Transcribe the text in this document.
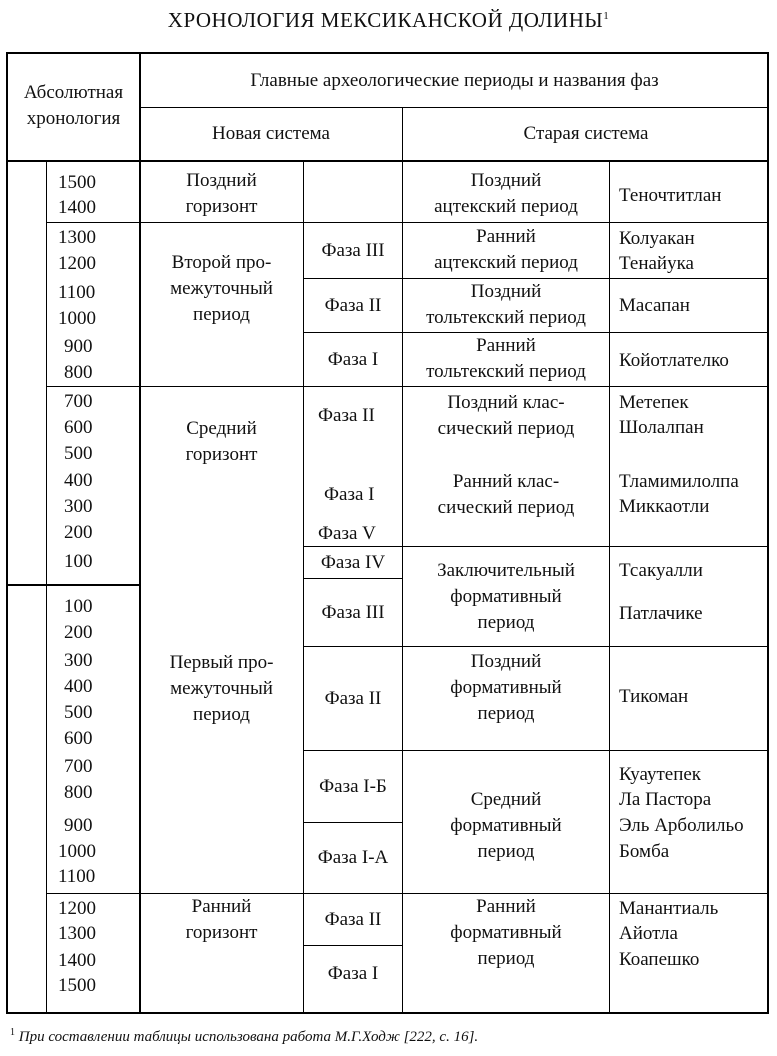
ХРОНОЛОГИЯ МЕКСИКАНСКОЙ ДОЛИНЫ$^1$
Абсолютная
хронология
Главные археологические периоды и названия фаз
Новая система	Старая система
1500
1400
1300
1200
1100
1000
900
800
700
600
500
400
300
200
100
100
200
300
400
500
600
700
800
900
1000
1100
1200
1300
1400
1500
Поздний
горизонт
Второй про-
межуточный
период
Средний
горизонт
Первый про-
межуточный
период
Ранний
горизонт
Фаза III
Фаза II
Фаза I
Фаза II
Фаза I
Фаза V
Фаза IV
Фаза III
Фаза II
Фаза I-Б
Фаза I-А
Фаза II
Фаза I
Поздний
ацтекский период
Ранний
ацтекский период
Поздний
тольтекский период
Ранний
тольтекский период
Поздний клас-
сический период
Ранний клас-
сический период
Заключительный
формативный
период
Поздний
формативный
период
Средний
формативный
период
Ранний
формативный
период
Теночтитлан
Колуакан
Тенайука
Масапан
Койотлателко
Метепек
Шолалпан
Тламимилолпа
Миккаотли
Тсакуалли
Патлачике
Тикоман
Куаутепек
Ла Пастора
Эль Арболильо
Бомба
Манантиаль
Айотла
Коапешко
$^1$ При составлении таблицы использована работа М.Г.Ходж [222, с. 16].
